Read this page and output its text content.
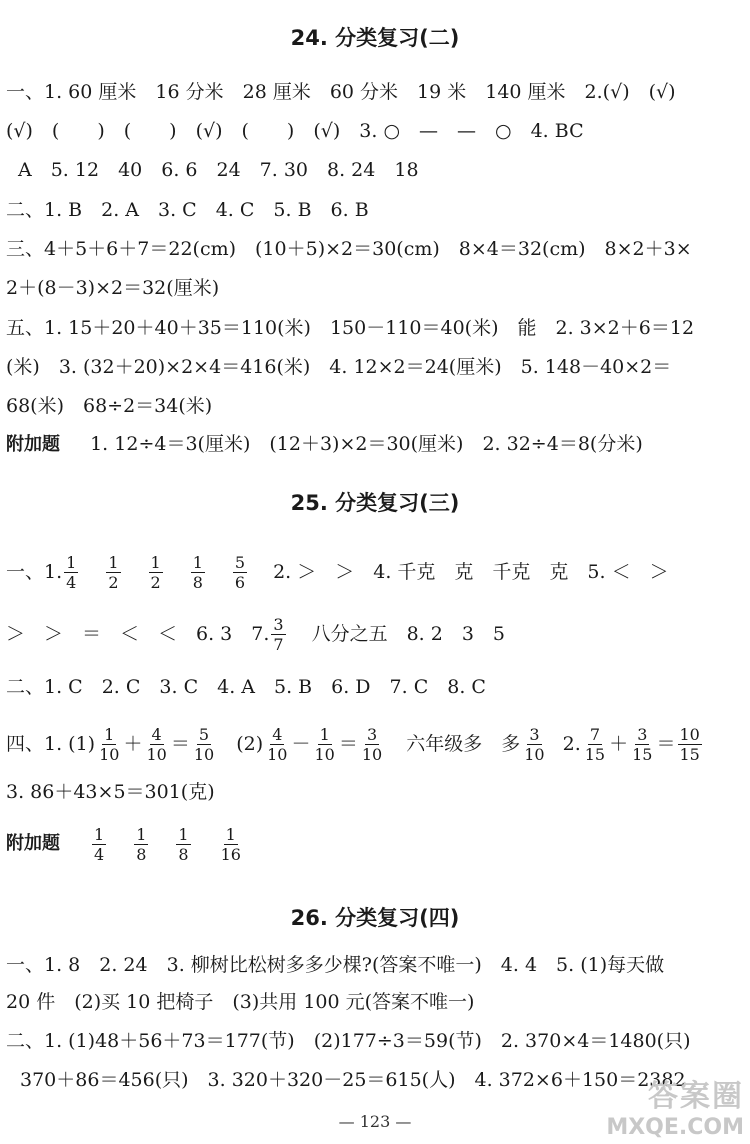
24. 分类复习(二)
一、1. 60 厘米　16 分米　28 厘米　60 分米　19 米　140 厘米　2.(√)　(√)
(√)　(　　)　(　　)　(√)　(　　)　(√)　3. ○　—　—　○　4. BC
A　5. 12　40　6. 6　24　7. 30　8. 24　18
二、1. B　2. A　3. C　4. C　5. B　6. B
三、4＋5＋6＋7＝22(cm)　(10＋5)×2＝30(cm)　8×4＝32(cm)　8×2＋3×
2＋(8－3)×2＝32(厘米)
五、1. 15＋20＋40＋35＝110(米)　150－110＝40(米)　能　2. 3×2＋6＝12
(米)　3. (32＋20)×2×4＝416(米)　4. 12×2＝24(厘米)　5. 148－40×2＝
68(米)　68÷2＝34(米)
附加题 1. 12÷4＝3(厘米)　(12＋3)×2＝30(厘米)　2. 32÷4＝8(分米)
25. 分类复习(三)
一、1. $\frac{1}{4} \frac{1}{2} \frac{1}{2} \frac{1}{8} \frac{5}{6} 2$. ＞　＞　4. 千克　克　千克　克　5. ＜　＞
＞　＞　＝　＜　＜　6. 3　7. $\frac{3}{7}$ 八分之五　8. 2　3　5
二、1. C　2. C　3. C　4. A　5. B　6. D　7. C　8. C
四、1. $(1) \frac{1}{10} + \frac{4}{10} = \frac{5}{10} (2) \frac{4}{10} - \frac{1}{10} = \frac{3}{10}$ 六年级多　多 $\frac{3}{10} 2$. $\frac{7}{15} + \frac{3}{15} = \frac{10}{15}$
3. 86＋43×5＝301(克)
附加题 $\frac{1}{4} \frac{1}{8} \frac{1}{8} \frac{1}{16}$
26. 分类复习(四)
一、1. 8　2. 24　3. 柳树比松树多多少棵?(答案不唯一)　4. 4　5. (1)每天做
20 件　(2)买 10 把椅子　(3)共用 100 元(答案不唯一)
二、1. (1)48＋56＋73＝177(节)　(2)177÷3＝59(节)　2. 370×4＝1480(只)
370＋86＝456(只)　3. 320＋320－25＝615(人)　4. 372×6＋150＝2382
— 123 —
答案圈
MXQE.COM
